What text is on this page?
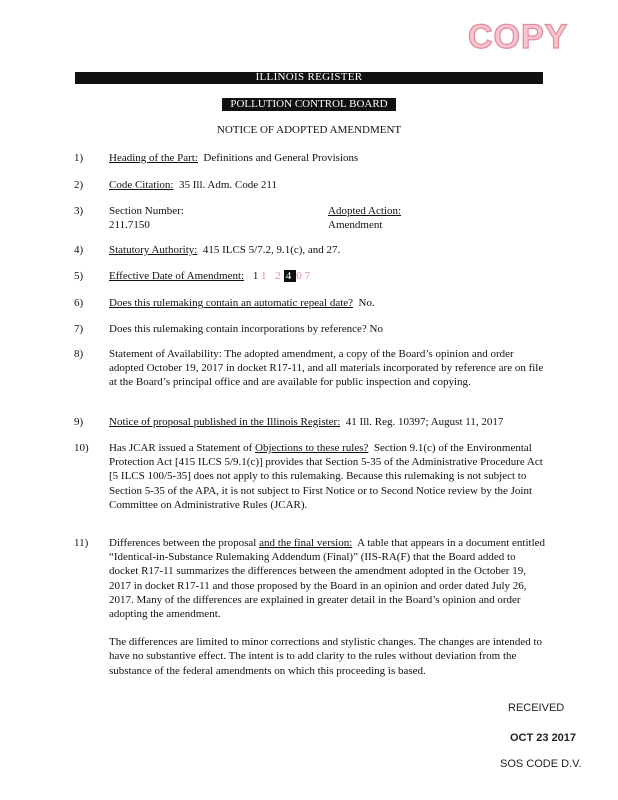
COPY
ILLINOIS REGISTER
POLLUTION CONTROL BOARD
NOTICE OF ADOPTED AMENDMENT
1)	Heading of the Part: Definitions and General Provisions
2)	Code Citation: 35 Ill. Adm. Code 211
3)	Section Number:
211.7150
Adopted Action:
Amendment
4)	Statutory Authority: 415 ILCS 5/7.2, 9.1(c), and 27.
5)	Effective Date of Amendment: 11 2 4 07
6)	Does this rulemaking contain an automatic repeal date? No.
7)	Does this rulemaking contain incorporations by reference? No
8)	Statement of Availability: The adopted amendment, a copy of the Board’s opinion and order adopted October 19, 2017 in docket R17-11, and all materials incorporated by reference are on file at the Board’s principal office and are available for public inspection and copying.
9)	Notice of proposal published in the Illinois Register: 41 Ill. Reg. 10397; August 11, 2017
10)	Has JCAR issued a Statement of Objections to these rules? Section 9.1(c) of the Environmental Protection Act [415 ILCS 5/9.1(c)] provides that Section 5-35 of the Administrative Procedure Act [5 ILCS 100/5-35] does not apply to this rulemaking. Because this rulemaking is not subject to Section 5-35 of the APA, it is not subject to First Notice or to Second Notice review by the Joint Committee on Administrative Rules (JCAR).
11)	Differences between the proposal and the final version: A table that appears in a document entitled “Identical-in-Substance Rulemaking Addendum (Final)” (IIS-RA(F) that the Board added to docket R17-11 summarizes the differences between the amendment adopted in the October 19, 2017 in docket R17-11 and those proposed by the Board in an opinion and order dated July 26, 2017. Many of the differences are explained in greater detail in the Board’s opinion and order adopting the amendment.
The differences are limited to minor corrections and stylistic changes. The changes are intended to have no substantive effect. The intent is to add clarity to the rules without deviation from the substance of the federal amendments on which this proceeding is based.
RECEIVED
OCT 23 2017
SOS CODE D.V.
